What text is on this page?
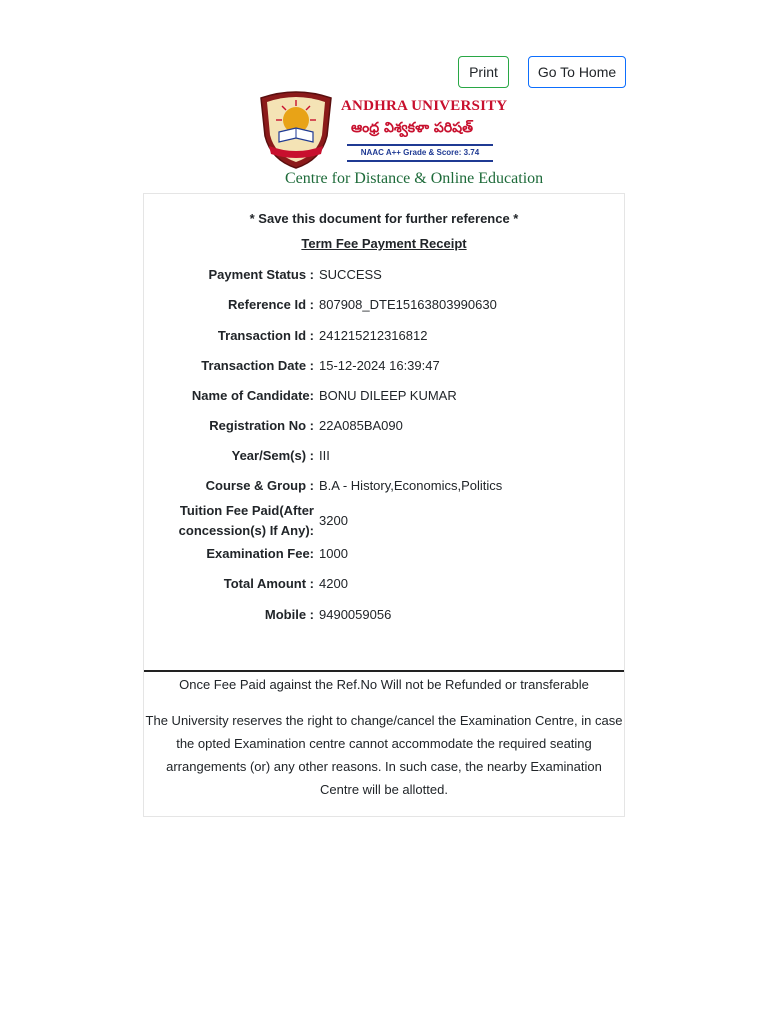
Print	Go To Home
ANDHRA UNIVERSITY
ఆంధ్ర విశ్వకళా పరిషత్
NAAC A++ Grade & Score: 3.74
Centre for Distance & Online Education
* Save this document for further reference *
Term Fee Payment Receipt
Payment Status : SUCCESS
Reference Id : 807908_DTE15163803990630
Transaction Id : 241215212316812
Transaction Date : 15-12-2024 16:39:47
Name of Candidate: BONU DILEEP KUMAR
Registration No : 22A085BA090
Year/Sem(s) : III
Course & Group : B.A - History,Economics,Politics
Tuition Fee Paid(After
concession(s) If Any):
3200
Examination Fee: 1000
Total Amount : 4200
Mobile : 9490059056
Once Fee Paid against the Ref.No Will not be Refunded or transferable
The University reserves the right to change/cancel the Examination Centre, in case the opted Examination centre cannot accommodate the required seating arrangements (or) any other reasons. In such case, the nearby Examination Centre will be allotted.
